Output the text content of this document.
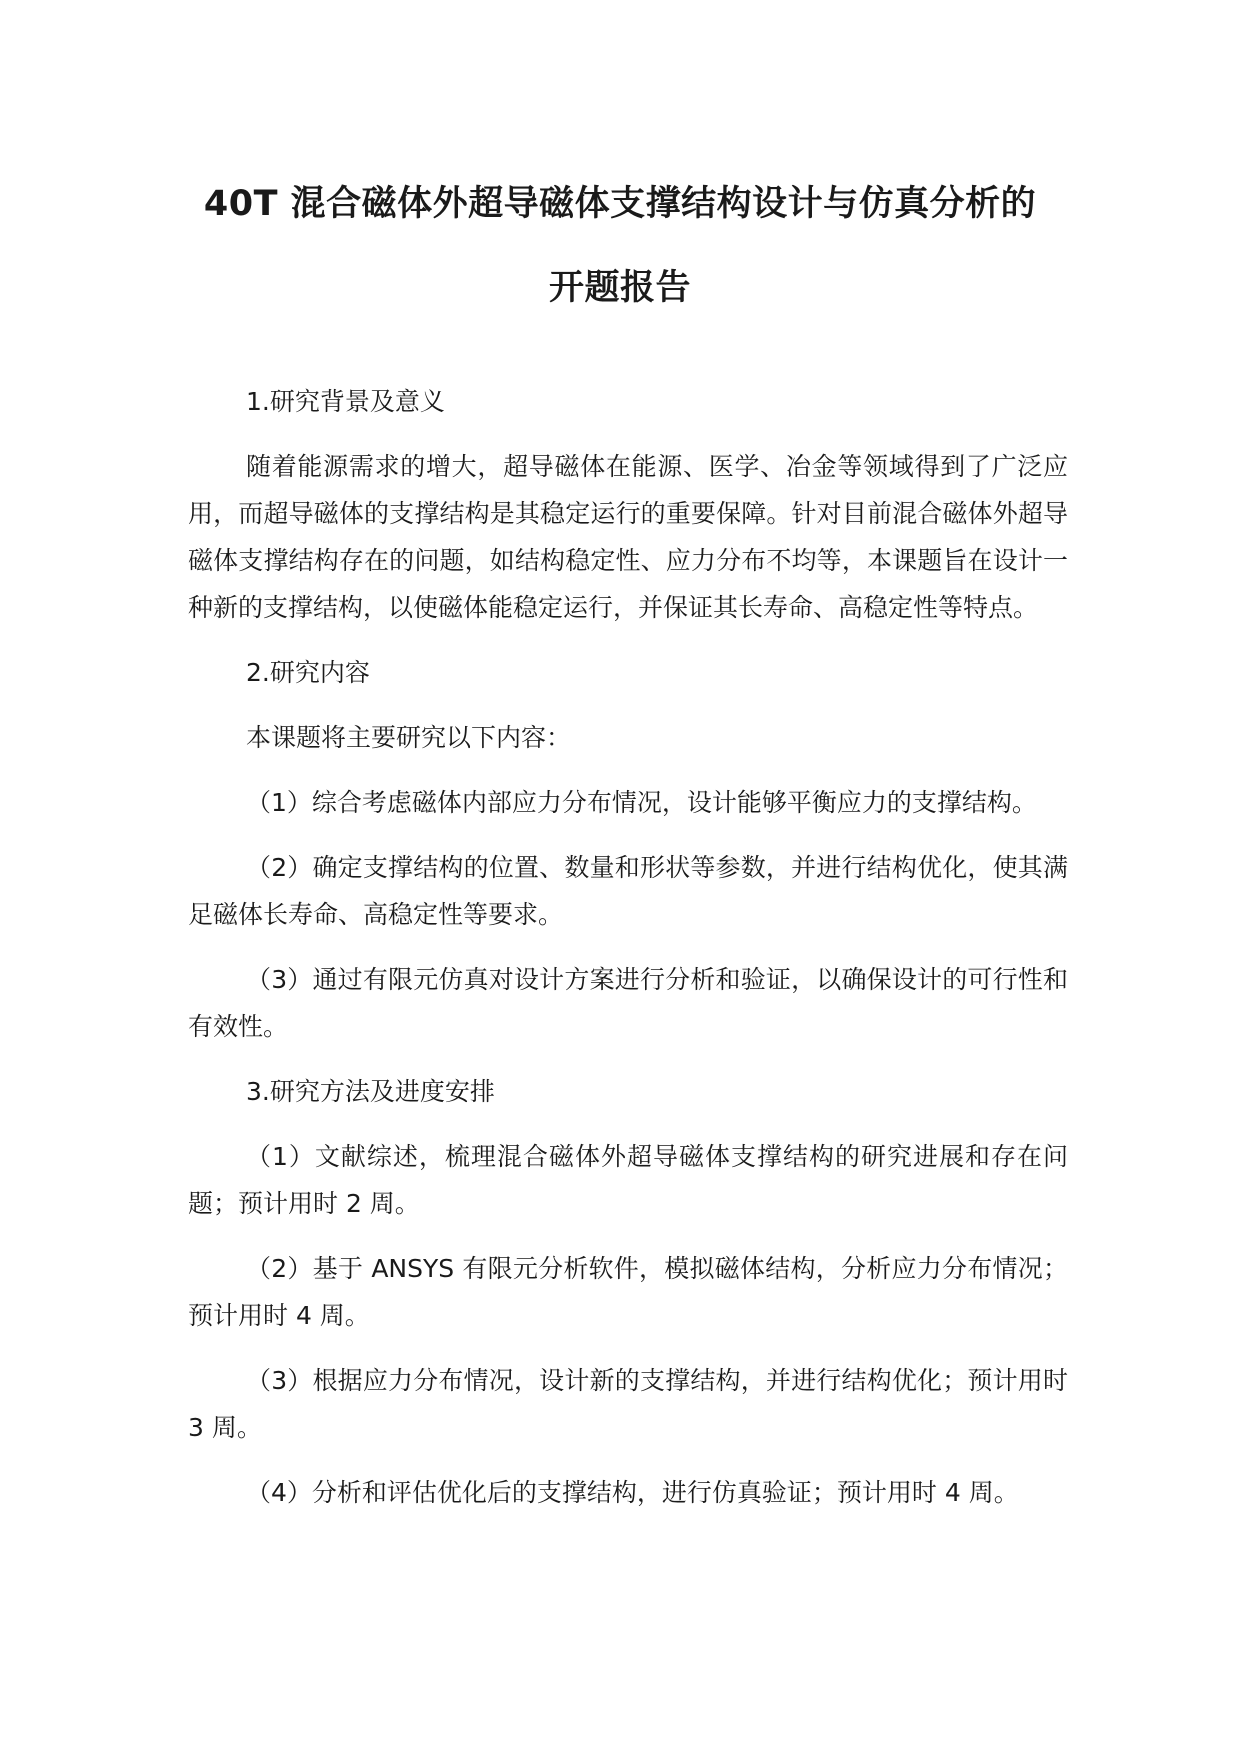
40T 混合磁体外超导磁体支撑结构设计与仿真分析的
开题报告

1.研究背景及意义

随着能源需求的增大，超导磁体在能源、医学、冶金等领域得到了广泛应用，而超导磁体的支撑结构是其稳定运行的重要保障。针对目前混合磁体外超导磁体支撑结构存在的问题，如结构稳定性、应力分布不均等，本课题旨在设计一种新的支撑结构，以使磁体能稳定运行，并保证其长寿命、高稳定性等特点。

2.研究内容

本课题将主要研究以下内容：

（1）综合考虑磁体内部应力分布情况，设计能够平衡应力的支撑结构。

（2）确定支撑结构的位置、数量和形状等参数，并进行结构优化，使其满足磁体长寿命、高稳定性等要求。

（3）通过有限元仿真对设计方案进行分析和验证，以确保设计的可行性和有效性。

3.研究方法及进度安排

（1）文献综述，梳理混合磁体外超导磁体支撑结构的研究进展和存在问题；预计用时 2 周。

（2）基于 ANSYS 有限元分析软件，模拟磁体结构，分析应力分布情况；预计用时 4 周。

（3）根据应力分布情况，设计新的支撑结构，并进行结构优化；预计用时 3 周。

（4）分析和评估优化后的支撑结构，进行仿真验证；预计用时 4 周。
